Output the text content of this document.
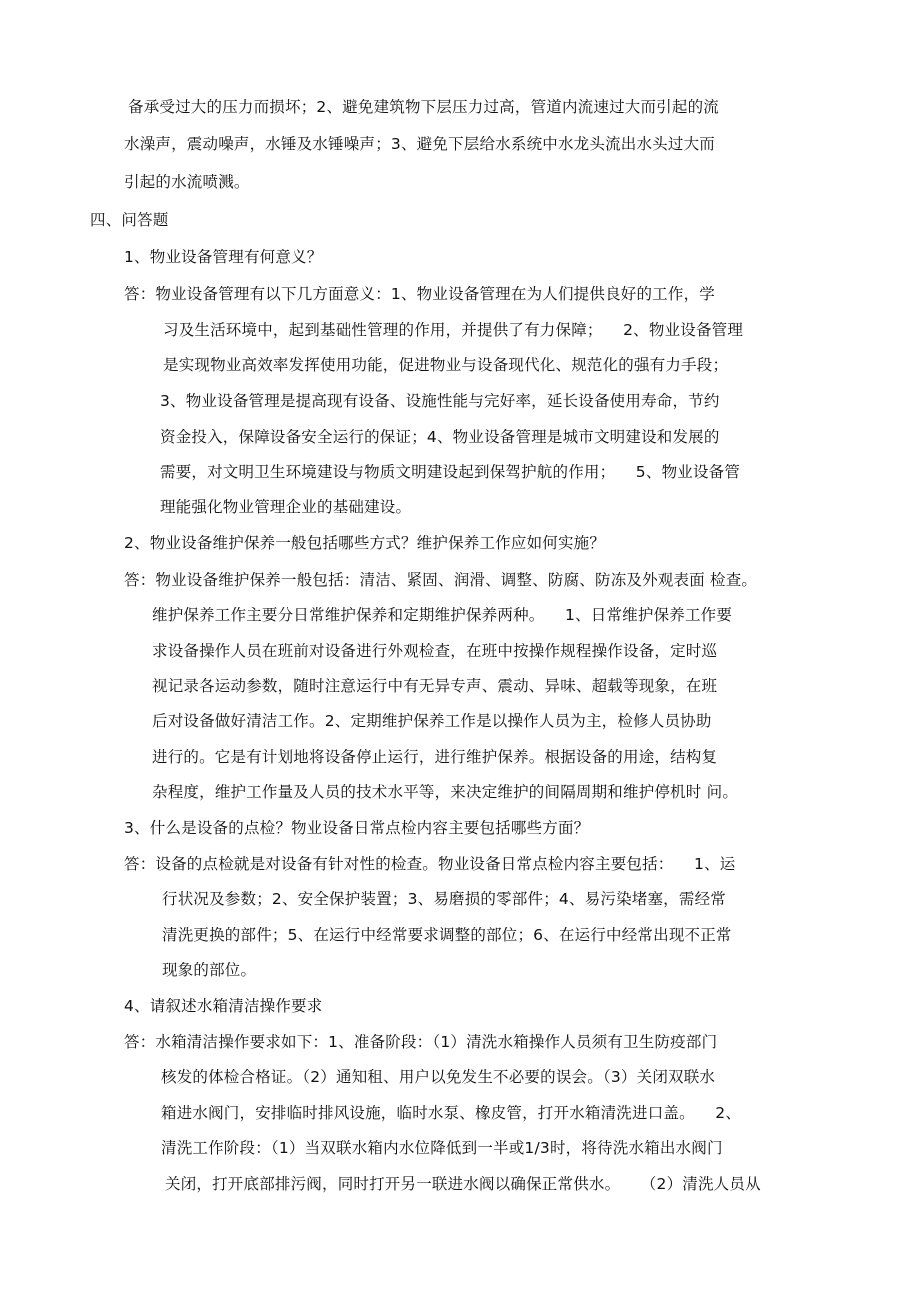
备承受过大的压力而损坏；2、避免建筑物下层压力过高，管道内流速过大而引起的流
水澡声，震动噪声，水锤及水锤噪声；3、避免下层给水系统中水龙头流出水头过大而
引起的水流喷溅。
四、问答题
1、物业设备管理有何意义？
答：物业设备管理有以下几方面意义：1、物业设备管理在为人们提供良好的工作，学
习及生活环境中，起到基础性管理的作用，并提供了有力保障；    2、物业设备管理
是实现物业高效率发挥使用功能，促进物业与设备现代化、规范化的强有力手段；
3、物业设备管理是提高现有设备、设施性能与完好率，延长设备使用寿命，节约
资金投入，保障设备安全运行的保证；4、物业设备管理是城市文明建设和发展的
需要，对文明卫生环境建设与物质文明建设起到保驾护航的作用；    5、物业设备管
理能强化物业管理企业的基础建设。
2、物业设备维护保养一般包括哪些方式？维护保养工作应如何实施？
答：物业设备维护保养一般包括：清洁、紧固、润滑、调整、防腐、防冻及外观表面 检查。
维护保养工作主要分日常维护保养和定期维护保养两种。    1、日常维护保养工作要
求设备操作人员在班前对设备进行外观检查，在班中按操作规程操作设备，定时巡
视记录各运动参数，随时注意运行中有无异专声、震动、异味、超载等现象，在班
后对设备做好清洁工作。2、定期维护保养工作是以操作人员为主，检修人员协助
进行的。它是有计划地将设备停止运行，进行维护保养。根据设备的用途，结构复
杂程度，维护工作量及人员的技术水平等，来决定维护的间隔周期和维护停机时 问。
3、什么是设备的点检？物业设备日常点检内容主要包括哪些方面？
答：设备的点检就是对设备有针对性的检查。物业设备日常点检内容主要包括：    1、运
行状况及参数；2、安全保护装置；3、易磨损的零部件；4、易污染堵塞，需经常
清洗更换的部件；5、在运行中经常要求调整的部位；6、在运行中经常出现不正常
现象的部位。
4、请叙述水箱清洁操作要求
答：水箱清洁操作要求如下：1、准备阶段：（1）清洗水箱操作人员须有卫生防疫部门
核发的体检合格证。（2）通知租、用户以免发生不必要的误会。（3）关闭双联水
箱进水阀门，安排临时排风设施，临时水泵、橡皮管，打开水箱清洗进口盖。    2、
清洗工作阶段：（1）当双联水箱内水位降低到一半或1/3时，将待洗水箱出水阀门
关闭，打开底部排污阀，同时打开另一联进水阀以确保正常供水。    （2）清洗人员从
